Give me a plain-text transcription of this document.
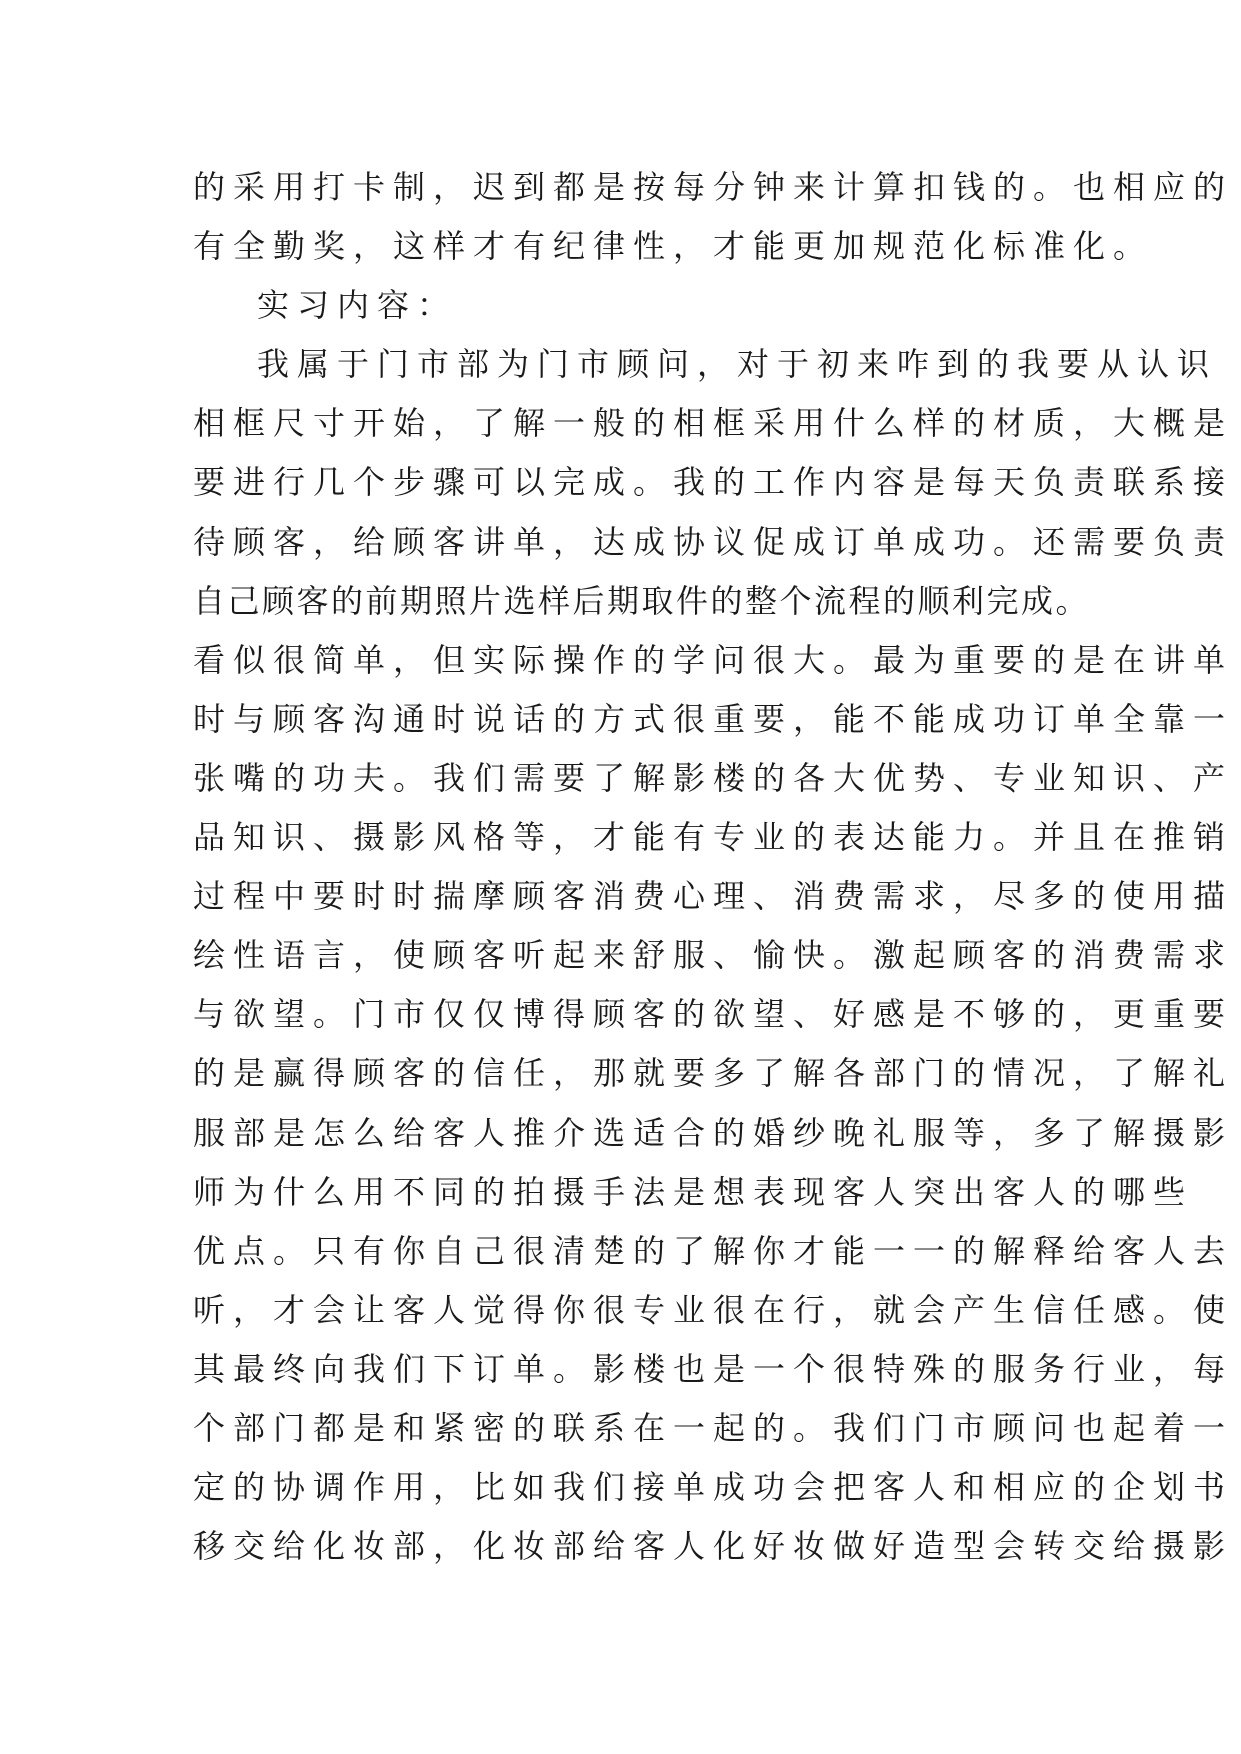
的采用打卡制，迟到都是按每分钟来计算扣钱的。也相应的
有全勤奖，这样才有纪律性，才能更加规范化标准化。
实习内容：
我属于门市部为门市顾问，对于初来咋到的我要从认识
相框尺寸开始，了解一般的相框采用什么样的材质，大概是
要进行几个步骤可以完成。我的工作内容是每天负责联系接
待顾客，给顾客讲单，达成协议促成订单成功。还需要负责
自己顾客的前期照片选样后期取件的整个流程的顺利完成。
看似很简单，但实际操作的学问很大。最为重要的是在讲单
时与顾客沟通时说话的方式很重要，能不能成功订单全靠一
张嘴的功夫。我们需要了解影楼的各大优势、专业知识、产
品知识、摄影风格等，才能有专业的表达能力。并且在推销
过程中要时时揣摩顾客消费心理、消费需求，尽多的使用描
绘性语言，使顾客听起来舒服、愉快。激起顾客的消费需求
与欲望。门市仅仅博得顾客的欲望、好感是不够的，更重要
的是赢得顾客的信任，那就要多了解各部门的情况，了解礼
服部是怎么给客人推介选适合的婚纱晚礼服等，多了解摄影
师为什么用不同的拍摄手法是想表现客人突出客人的哪些
优点。只有你自己很清楚的了解你才能一一的解释给客人去
听，才会让客人觉得你很专业很在行，就会产生信任感。使
其最终向我们下订单。影楼也是一个很特殊的服务行业，每
个部门都是和紧密的联系在一起的。我们门市顾问也起着一
定的协调作用，比如我们接单成功会把客人和相应的企划书
移交给化妆部，化妆部给客人化好妆做好造型会转交给摄影
